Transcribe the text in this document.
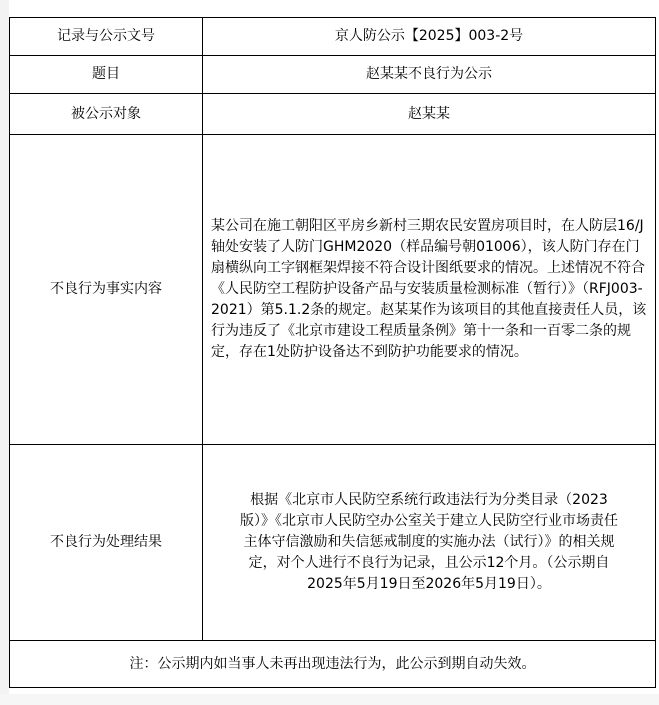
记录与公示文号	京人防公示【2025】003-2号
题目	赵某某不良行为公示
被公示对象	赵某某
不良行为事实内容	某公司在施工朝阳区平房乡新村三期农民安置房项目时，在人防层16/J轴处安装了人防门GHM2020（样品编号朝01006），该人防门存在门扇横纵向工字钢框架焊接不符合设计图纸要求的情况。上述情况不符合《人民防空工程防护设备产品与安装质量检测标准（暂行）》（RFJ003-2021）第5.1.2条的规定。赵某某作为该项目的其他直接责任人员，该行为违反了《北京市建设工程质量条例》第十一条和一百零二条的规定，存在1处防护设备达不到防护功能要求的情况。

不良行为处理结果	根据《北京市人民防空系统行政违法行为分类目录（2023版）》《北京市人民防空办公室关于建立人民防空行业市场责任主体守信激励和失信惩戒制度的实施办法（试行）》的相关规定，对个人进行不良行为记录，且公示12个月。（公示期自2025年5月19日至2026年5月19日）。
注：公示期内如当事人未再出现违法行为，此公示到期自动失效。	
